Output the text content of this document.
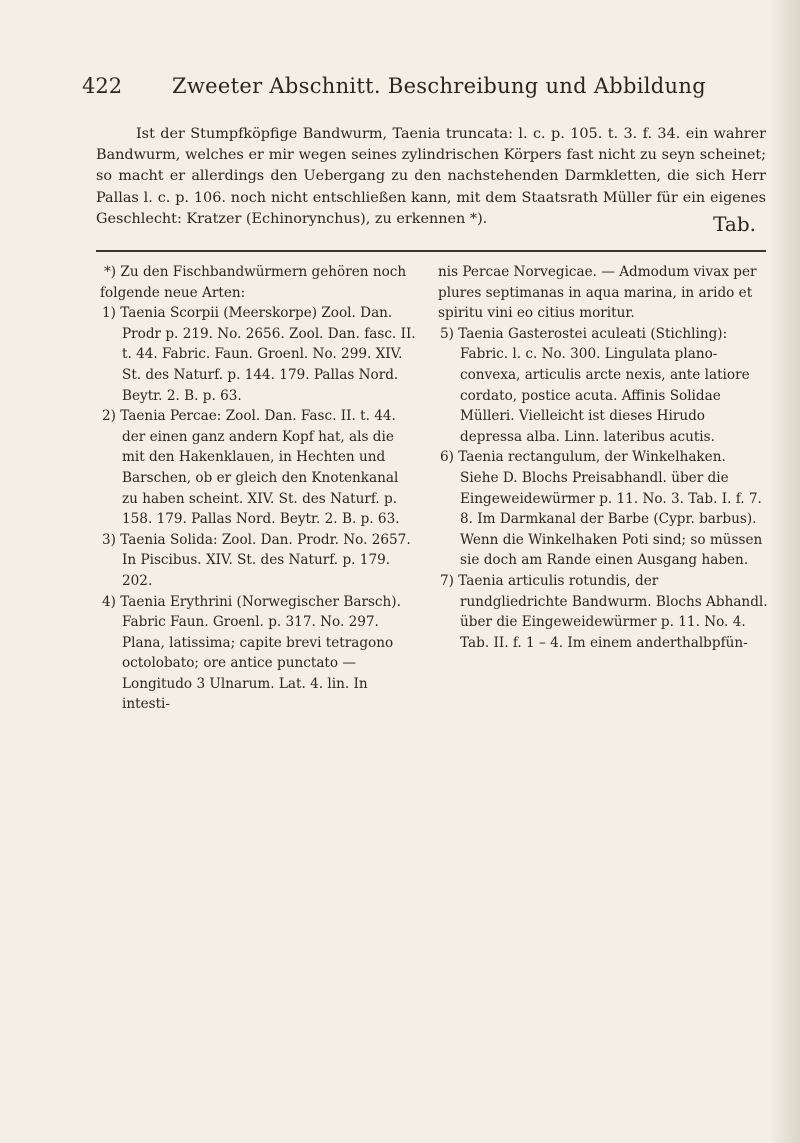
422 Zweeter Abschnitt. Beschreibung und Abbildung

Ist der Stumpfköpfige Bandwurm, Taenia truncata: l. c. p. 105. t. 3. f. 34. ein wahrer Bandwurm, welches er mir wegen seines zylindrischen Körpers fast nicht zu seyn scheinet; so macht er allerdings den Uebergang zu den nachstehenden Darmkletten, die sich Herr Pallas l. c. p. 106. noch nicht entschließen kann, mit dem Staatsrath Müller für ein eigenes Geschlecht: Kratzer (Echinorynchus), zu erkennen *).	Tab.

*) Zu den Fischbandwürmern gehören noch folgende neue Arten:

1) Taenia Scorpii (Meerskorpe) Zool. Dan. Prodr p. 219. No. 2656. Zool. Dan. fasc. II. t. 44. Fabric. Faun. Groenl. No. 299. XIV. St. des Naturf. p. 144. 179. Pallas Nord. Beytr. 2. B. p. 63.

2) Taenia Percae: Zool. Dan. Fasc. II. t. 44. der einen ganz andern Kopf hat, als die mit den Hakenklauen, in Hechten und Barschen, ob er gleich den Knotenkanal zu haben scheint. XIV. St. des Naturf. p. 158. 179. Pallas Nord. Beytr. 2. B. p. 63.

3) Taenia Solida: Zool. Dan. Prodr. No. 2657. In Piscibus. XIV. St. des Naturf. p. 179. 202.

4) Taenia Erythrini (Norwegischer Barsch). Fabric Faun. Groenl. p. 317. No. 297. Plana, latissima; capite brevi tetragono octolobato; ore antice punctato — Longitudo 3 Ulnarum. Lat. 4. lin. In intesti-

nis Percae Norvegicae. — Admodum vivax per plures septimanas in aqua marina, in arido et spiritu vini eo citius moritur.

5) Taenia Gasterostei aculeati (Stichling): Fabric. l. c. No. 300. Lingulata plano-convexa, articulis arcte nexis, ante latiore cordato, postice acuta. Affinis Solidae Mülleri. Vielleicht ist dieses Hirudo depressa alba. Linn. lateribus acutis.

6) Taenia rectangulum, der Winkelhaken. Siehe D. Blochs Preisabhandl. über die Eingeweidewürmer p. 11. No. 3. Tab. I. f. 7. 8. Im Darmkanal der Barbe (Cypr. barbus). Wenn die Winkelhaken Poti sind; so müssen sie doch am Rande einen Ausgang haben.

7) Taenia articulis rotundis, der rundgliedrichte Bandwurm. Blochs Abhandl. über die Eingeweidewürmer p. 11. No. 4. Tab. II. f. 1 – 4. Im einem anderthalbpfün-
